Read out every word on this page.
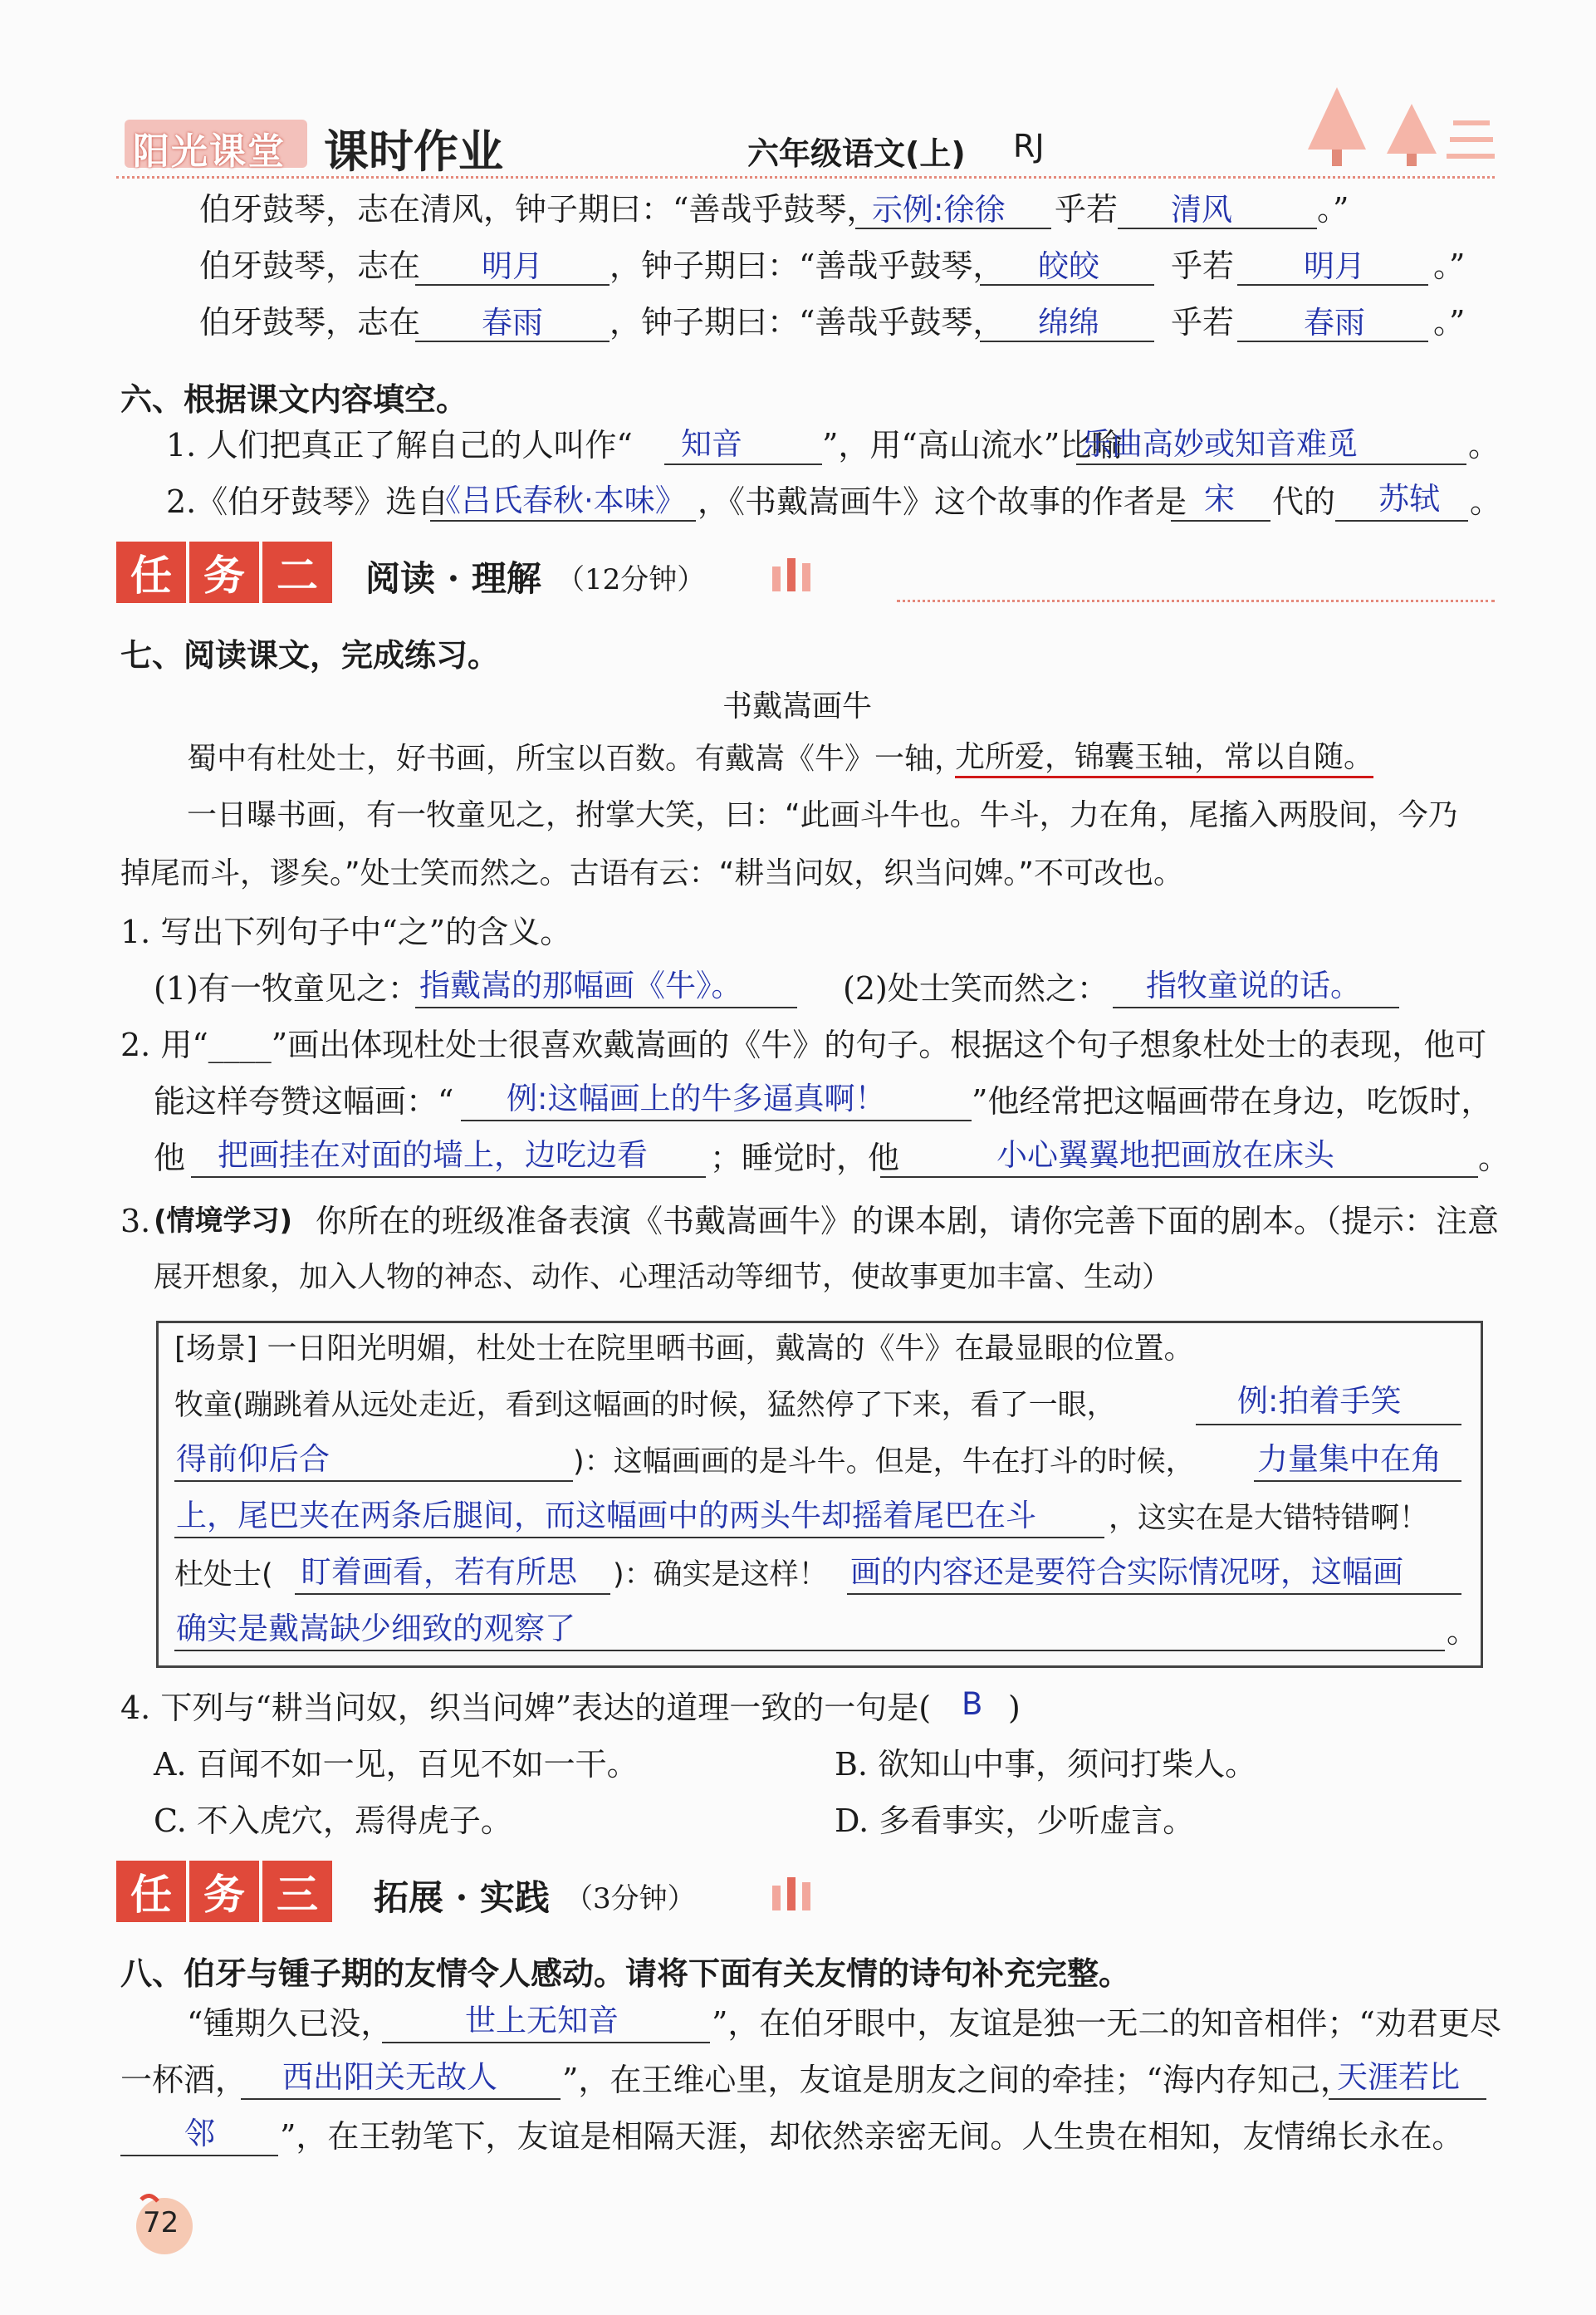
阳光课堂 课时作业	六年级语文(上) RJ
伯牙鼓琴，志在清风，钟子期曰：“善哉乎鼓琴，
示例:徐徐 乎若 清风	。”
伯牙鼓琴，志在 明月 ，钟子期曰：“善哉乎鼓琴， 皎皎 乎若 明月 。”
伯牙鼓琴，志在 春雨 ，钟子期曰：“善哉乎鼓琴， 绵绵 乎若 春雨 。”
六、根据课文内容填空。
1. 人们把真正了解自己的人叫作“ 知音	”，用“高山流水”比喻
乐曲高妙或知音难觅	。
2.《伯牙鼓琴》选自
《吕氏春秋·本味》 ，《书戴嵩画牛》这个故事的作者是 宋 代的 苏轼 。
任 务 二	阅读 · 理解 （12分钟）
七、阅读课文，完成练习。
书戴嵩画牛
蜀中有杜处士，好书画，所宝以百数。有戴嵩《牛》一轴，
尤所爱，锦囊玉轴，常以自随。
一日曝书画，有一牧童见之，拊掌大笑，曰：“此画斗牛也。牛斗，力在角，尾搐入两股间，今乃
掉尾而斗，谬矣。”处士笑而然之。古语有云：“耕当问奴，织当问婢。”不可改也。
1. 写出下列句子中“之”的含义。
(1)有一牧童见之： 指戴嵩的那幅画《牛》。	(2)处士笑而然之： 指牧童说的话。
2. 用“____”画出体现杜处士很喜欢戴嵩画的《牛》的句子。根据这个句子想象杜处士的表现，他可
能这样夸赞这幅画：“ 例:这幅画上的牛多逼真啊！	”他经常把这幅画带在身边，吃饭时，
他 把画挂在对面的墙上，边吃边看 ；睡觉时，他	小心翼翼地把画放在床头	。
3. (情境学习) 你所在的班级准备表演《书戴嵩画牛》的课本剧，请你完善下面的剧本。（提示：注意
展开想象，加入人物的神态、动作、心理活动等细节，使故事更加丰富、生动）
[场景] 一日阳光明媚，杜处士在院里晒书画，戴嵩的《牛》在最显眼的位置。
牧童(蹦跳着从远处走近，看到这幅画的时候，猛然停了下来，看了一眼，	例:拍着手笑
得前仰后合	)：这幅画画的是斗牛。但是，牛在打斗的时候， 力量集中在角
上，尾巴夹在两条后腿间，而这幅画中的两头牛却摇着尾巴在斗 ，这实在是大错特错啊！
杜处士( 盯着画看，若有所思 )：确实是这样！ 画的内容还是要符合实际情况呀，这幅画
确实是戴嵩缺少细致的观察了	。
4. 下列与“耕当问奴，织当问婢”表达的道理一致的一句是( B )
A. 百闻不如一见，百见不如一干。	B. 欲知山中事，须问打柴人。
C. 不入虎穴，焉得虎子。	D. 多看事实，少听虚言。
任 务 三	拓展 · 实践 （3分钟）
八、伯牙与锺子期的友情令人感动。请将下面有关友情的诗句补充完整。
“锺期久已没， 世上无知音	”，在伯牙眼中，友谊是独一无二的知音相伴；“劝君更尽
一杯酒， 西出阳关无故人 ”，在王维心里，友谊是朋友之间的牵挂；“海内存知己，
天涯若比
邻 ”，在王勃笔下，友谊是相隔天涯，却依然亲密无间。人生贵在相知，友情绵长永在。
72
